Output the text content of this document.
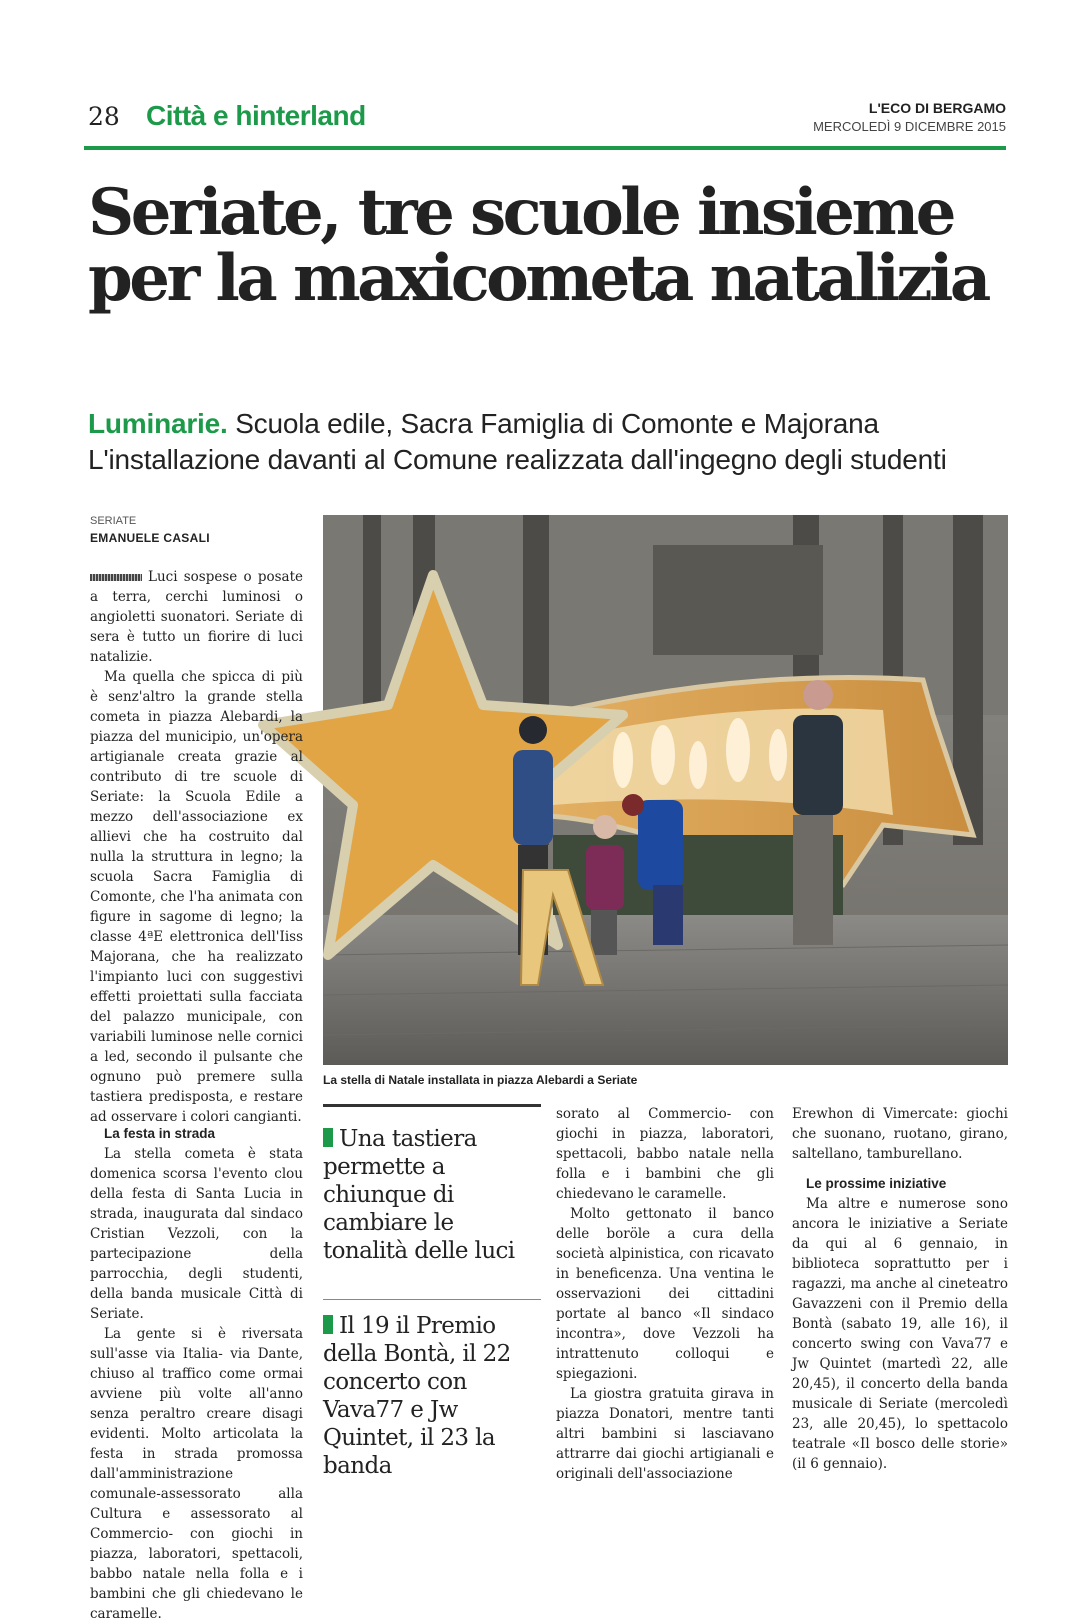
28 Città e hinterland	L'ECO DI BERGAMO
MERCOLEDÌ 9 DICEMBRE 2015
Seriate, tre scuole insieme
per la maxicometa natalizia
Luminarie. Scuola edile, Sacra Famiglia di Comonte e Majorana
L'installazione davanti al Comune realizzata dall'ingegno degli studenti
SERIATE
EMANUELE CASALI
La stella di Natale installata in piazza Alebardi a Seriate

Luci sospese o posate a terra, cerchi luminosi o angioletti suonatori. Seriate di sera è tutto un fiorire di luci natalizie.

Ma quella che spicca di più è senz'altro la grande stella cometa in piazza Alebardi, la piazza del municipio, un'opera artigianale creata grazie al contributo di tre scuole di Seriate: la Scuola Edile a mezzo dell'associazione ex allievi che ha costruito dal nulla la struttura in legno; la scuola Sacra Famiglia di Comonte, che l'ha animata con figure in sagome di legno; la classe 4ªE elettronica dell'Iiss Majorana, che ha realizzato l'impianto luci con suggestivi effetti proiettati sulla facciata del palazzo municipale, con variabili luminose nelle cornici a led, secondo il pulsante che ognuno può premere sulla tastiera predisposta, e restare ad osservare i colori cangianti.

La festa in strada

La stella cometa è stata domenica scorsa l'evento clou della festa di Santa Lucia in strada, inaugurata dal sindaco Cristian Vezzoli, con la partecipazione della parrocchia, degli studenti, della banda musicale Città di Seriate.

La gente si è riversata sull'asse via Italia- via Dante, chiuso al traffico come ormai avviene più volte all'anno senza peraltro creare disagi evidenti. Molto articolata la festa in strada promossa dall'amministrazione comunale-assessorato alla Cultura e assessorato al Commercio- con giochi in piazza, laboratori, spettacoli, babbo natale nella folla e i bambini che gli chiedevano le caramelle.

Una tastiera permette a chiunque di cambiare le tonalità delle luci
Il 19 il Premio della Bontà, il 22 concerto con Vava77 e Jw Quintet, il 23 la banda

sorato al Commercio- con giochi in piazza, laboratori, spettacoli, babbo natale nella folla e i bambini che gli chiedevano le caramelle.

Molto gettonato il banco delle boröle a cura della società alpinistica, con ricavato in beneficenza. Una ventina le osservazioni dei cittadini portate al banco «Il sindaco incontra», dove Vezzoli ha intrattenuto colloqui e spiegazioni.

La giostra gratuita girava in piazza Donatori, mentre tanti altri bambini si lasciavano attrarre dai giochi artigianali e originali dell'associazione

Erewhon di Vimercate: giochi che suonano, ruotano, girano, saltellano, tamburellano.

Le prossime iniziative

Ma altre e numerose sono ancora le iniziative a Seriate da qui al 6 gennaio, in biblioteca soprattutto per i ragazzi, ma anche al cineteatro Gavazzeni con il Premio della Bontà (sabato 19, alle 16), il concerto swing con Vava77 e Jw Quintet (martedì 22, alle 20,45), il concerto della banda musicale di Seriate (mercoledì 23, alle 20,45), lo spettacolo teatrale «Il bosco delle storie» (il 6 gennaio).
